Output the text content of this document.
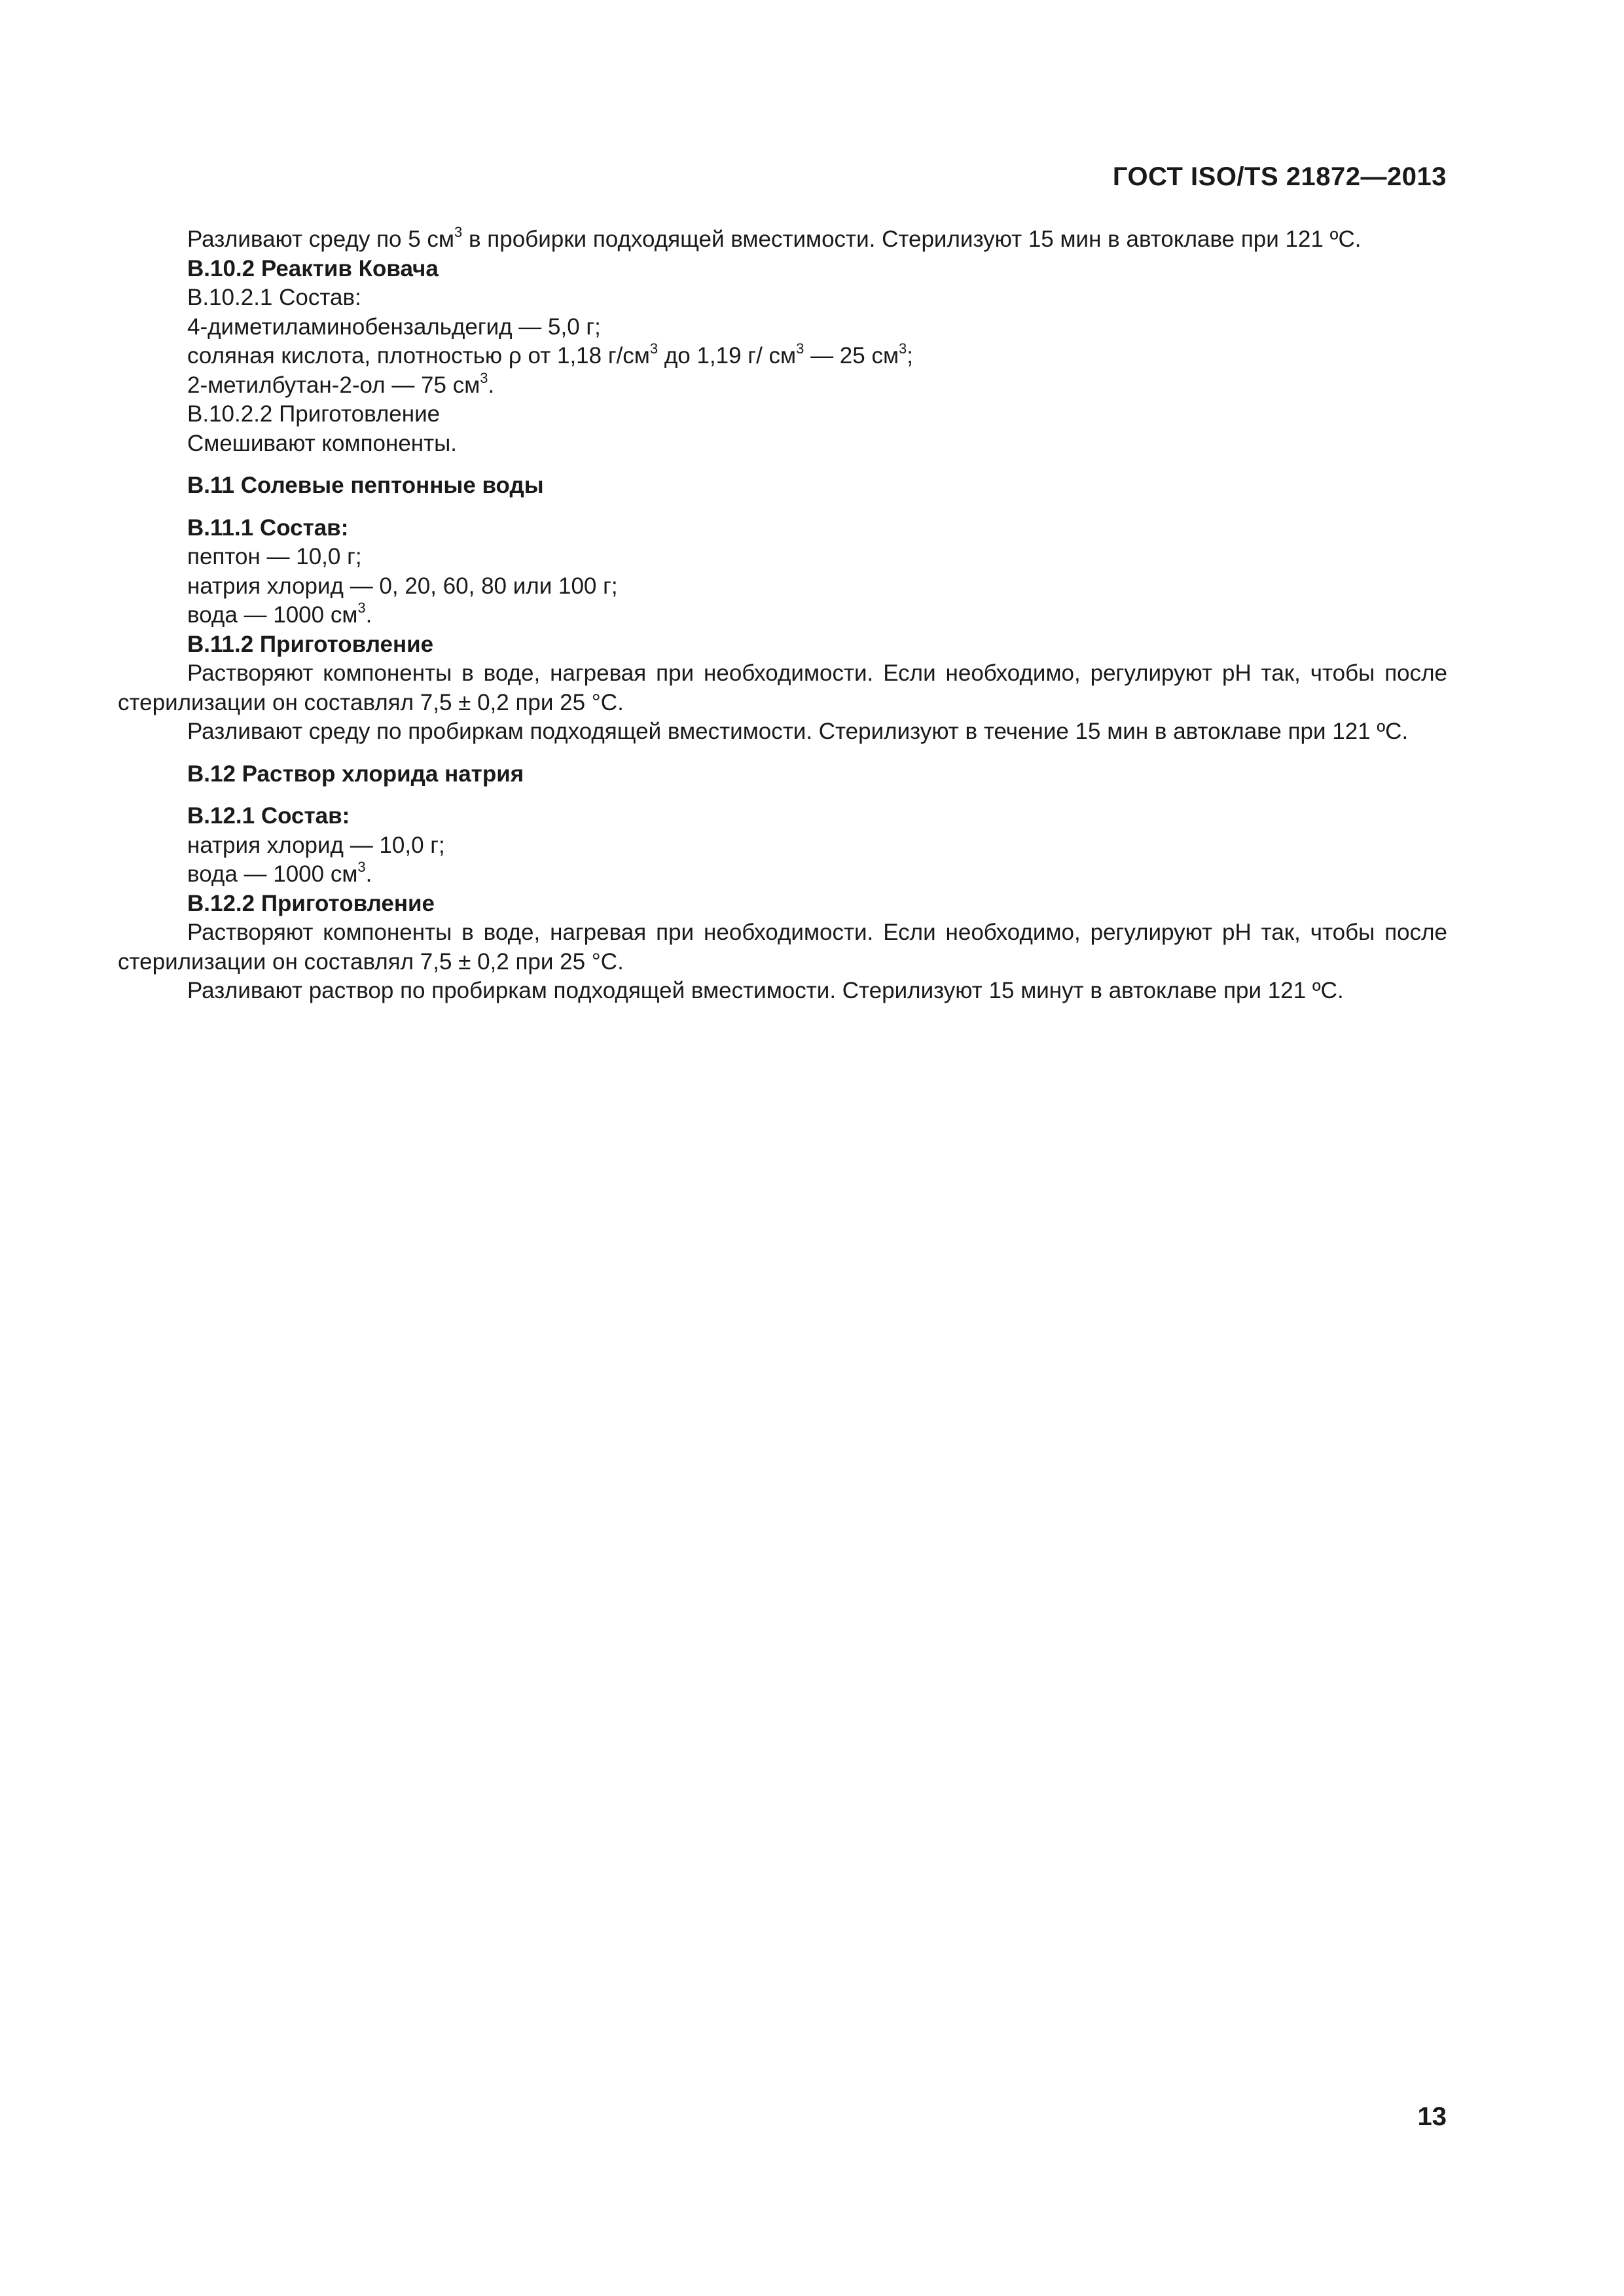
ГОСТ ISO/TS 21872—2013

Разливают среду по 5 $см^3$ в пробирки подходящей вместимости. Стерилизуют 15 мин в автоклаве при 121 ºС.

B.10.2 Реактив Ковача

B.10.2.1 Состав:

4-диметиламинобензальдегид — 5,0 г;

соляная кислота, плотностью ρ от 1,18 $г/см^3$ до 1,19 г/ $см^3$ — 25 $см^3$;

2-метилбутан-2-ол — 75 $см^3$.

B.10.2.2 Приготовление

Смешивают компоненты.

B.11 Солевые пептонные воды

B.11.1 Состав:

пептон — 10,0 г;

натрия хлорид — 0, 20, 60, 80 или 100 г;

вода — 1000 $см^3$.

B.11.2 Приготовление

Растворяют компоненты в воде, нагревая при необходимости. Если необходимо, регулируют pH так, чтобы после стерилизации он составлял 7,5 ± 0,2 при 25 °С.

Разливают среду по пробиркам подходящей вместимости. Стерилизуют в течение 15 мин в автоклаве при 121 ºС.

B.12 Раствор хлорида натрия

B.12.1 Состав:

натрия хлорид — 10,0 г;

вода — 1000 $см^3$.

B.12.2 Приготовление

Растворяют компоненты в воде, нагревая при необходимости. Если необходимо, регулируют pH так, чтобы после стерилизации он составлял 7,5 ± 0,2 при 25 °С.

Разливают раствор по пробиркам подходящей вместимости. Стерилизуют 15 минут в автоклаве при 121 ºС.

13
